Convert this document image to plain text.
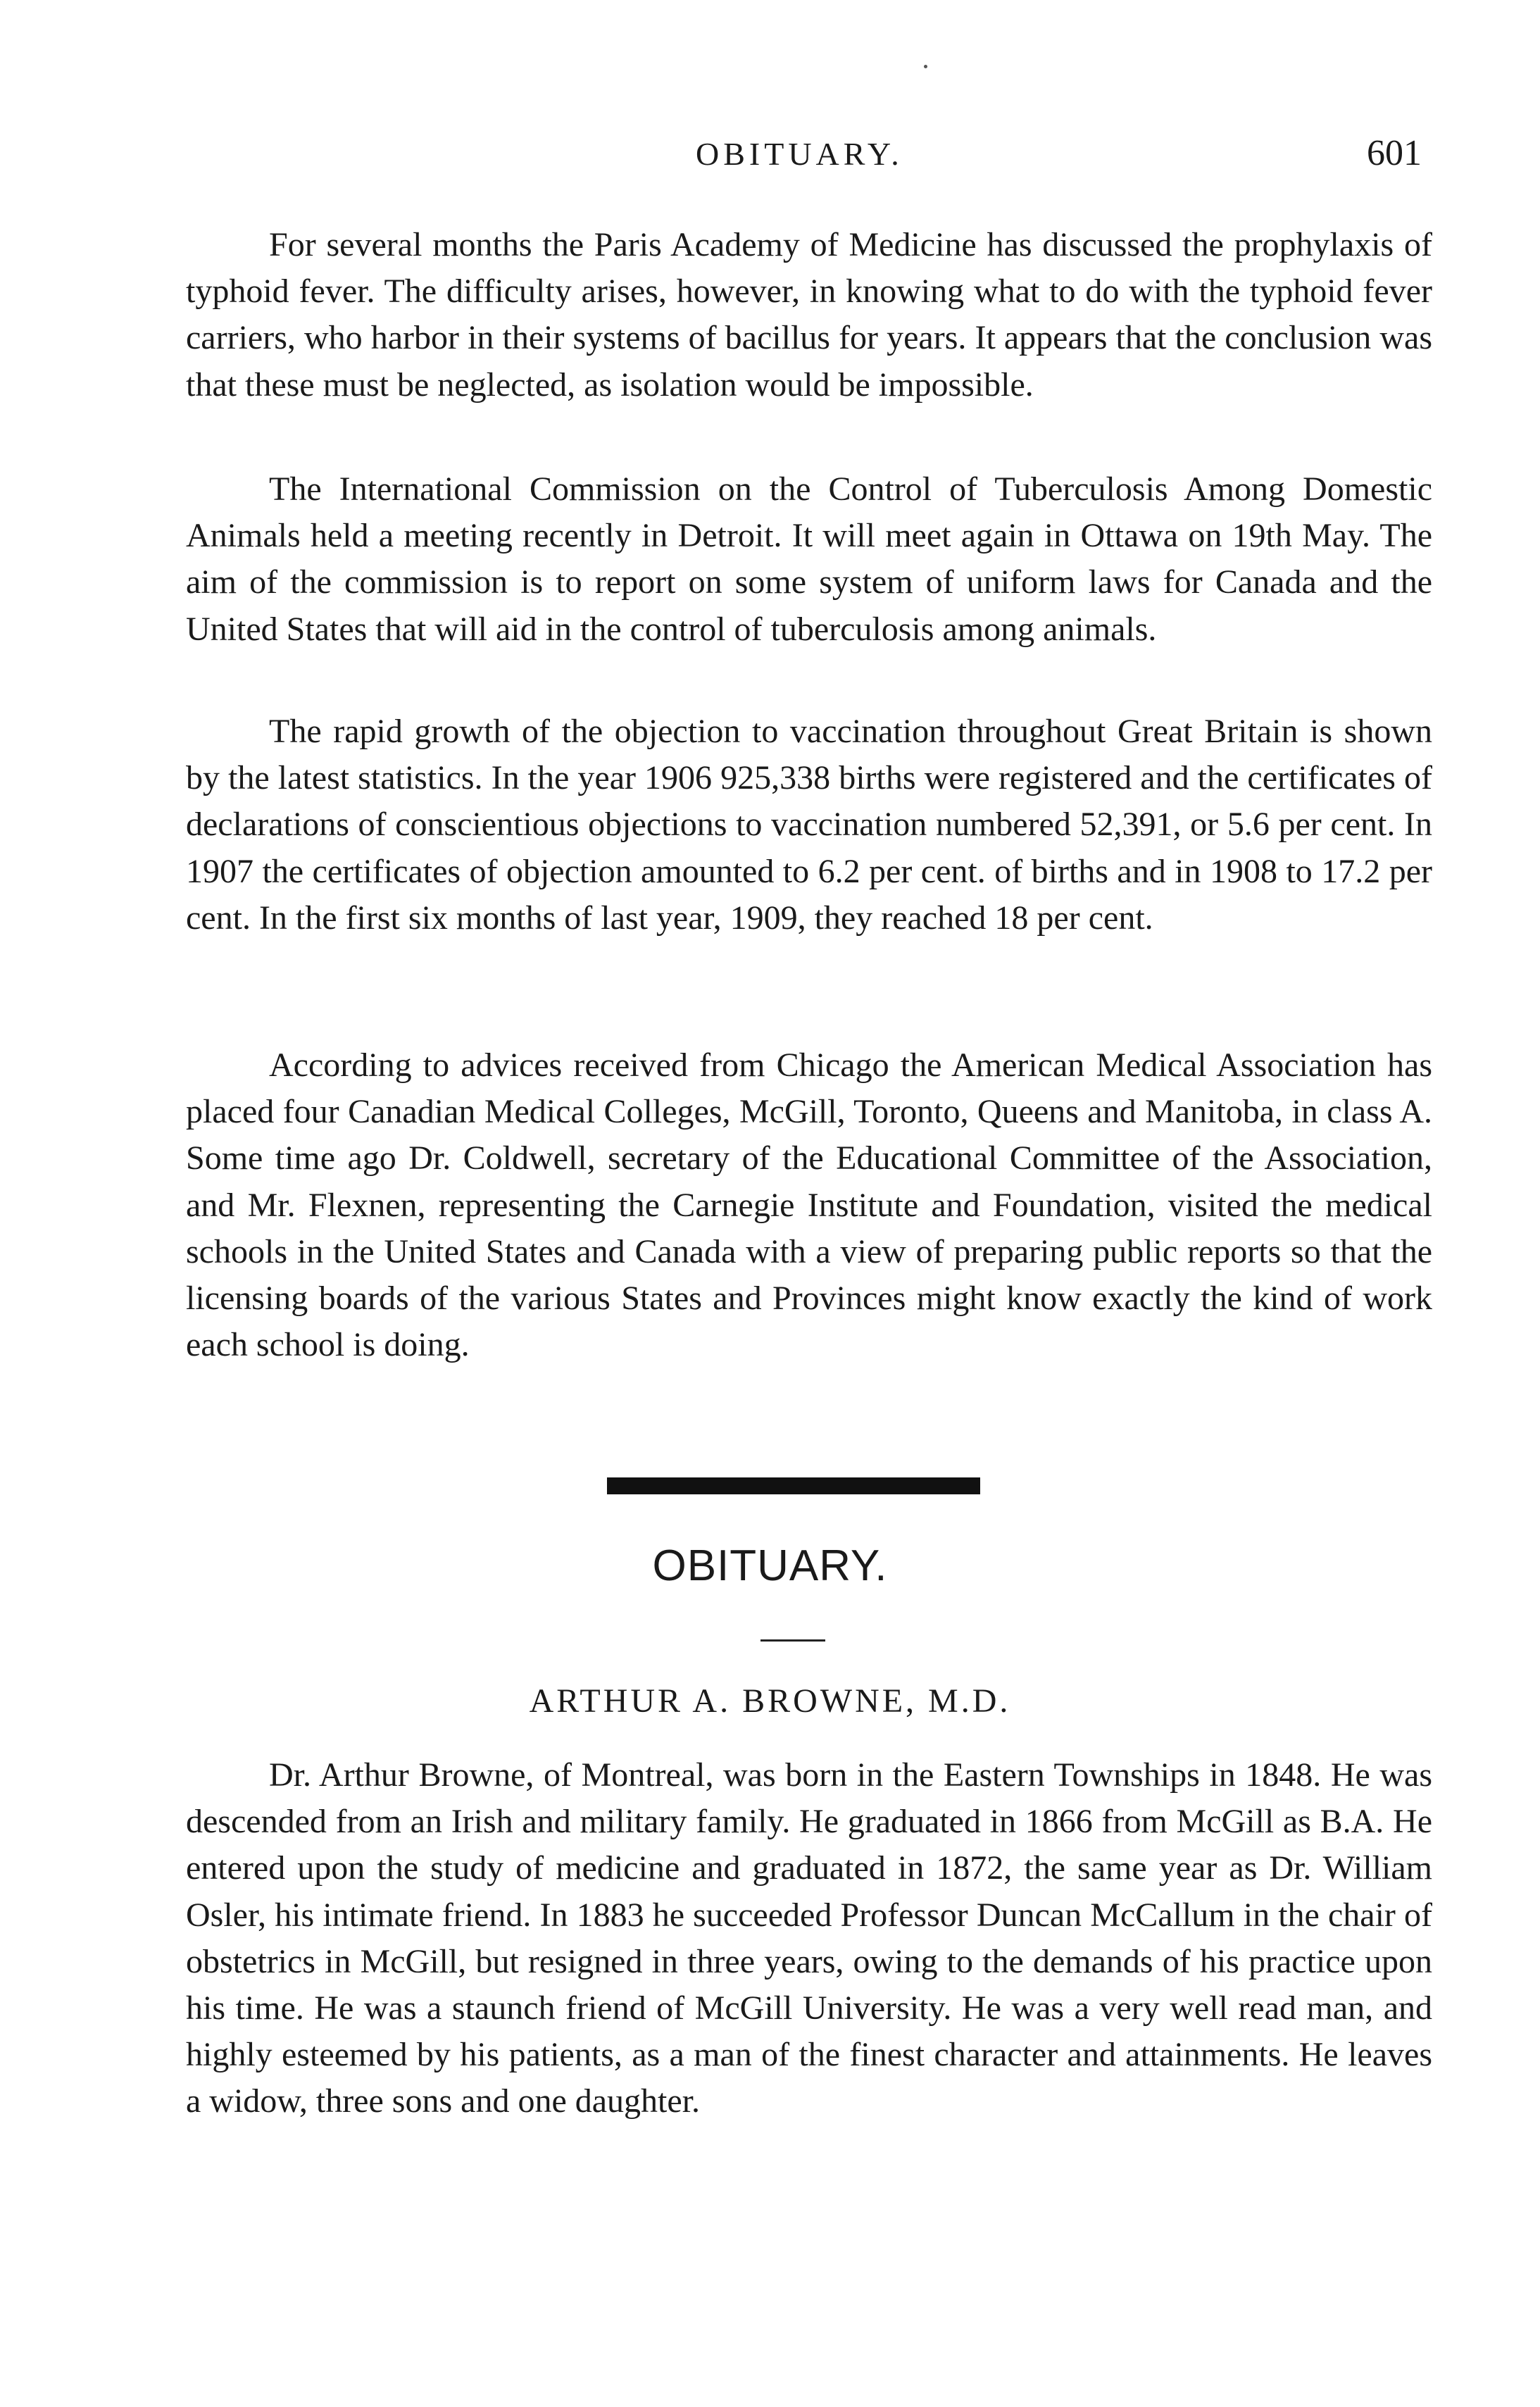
OBITUARY.	601

For several months the Paris Academy of Medicine has discussed the prophylaxis of typhoid fever. The difficulty arises, however, in knowing what to do with the typhoid fever carriers, who harbor in their systems of bacillus for years. It appears that the conclusion was that these must be neglected, as isolation would be impossible.

The International Commission on the Control of Tuberculosis Among Domestic Animals held a meeting recently in Detroit. It will meet again in Ottawa on 19th May. The aim of the commission is to report on some system of uniform laws for Canada and the United States that will aid in the control of tuberculosis among animals.

The rapid growth of the objection to vaccination throughout Great Britain is shown by the latest statistics. In the year 1906 925,338 births were registered and the certificates of declarations of conscientious objections to vaccination numbered 52,391, or 5.6 per cent. In 1907 the certificates of objection amounted to 6.2 per cent. of births and in 1908 to 17.2 per cent. In the first six months of last year, 1909, they reached 18 per cent.

According to advices received from Chicago the American Medical Association has placed four Canadian Medical Colleges, McGill, Toronto, Queens and Manitoba, in class A. Some time ago Dr. Coldwell, secretary of the Educational Committee of the Association, and Mr. Flexnen, representing the Carnegie Institute and Foundation, visited the medical schools in the United States and Canada with a view of preparing public reports so that the licensing boards of the various States and Provinces might know exactly the kind of work each school is doing.

OBITUARY.
ARTHUR A. BROWNE, M.D.

Dr. Arthur Browne, of Montreal, was born in the Eastern Townships in 1848. He was descended from an Irish and military family. He graduated in 1866 from McGill as B.A. He entered upon the study of medicine and graduated in 1872, the same year as Dr. William Osler, his intimate friend. In 1883 he succeeded Professor Duncan McCallum in the chair of obstetrics in McGill, but resigned in three years, owing to the demands of his practice upon his time. He was a staunch friend of McGill University. He was a very well read man, and highly esteemed by his patients, as a man of the finest character and attainments. He leaves a widow, three sons and one daughter.
